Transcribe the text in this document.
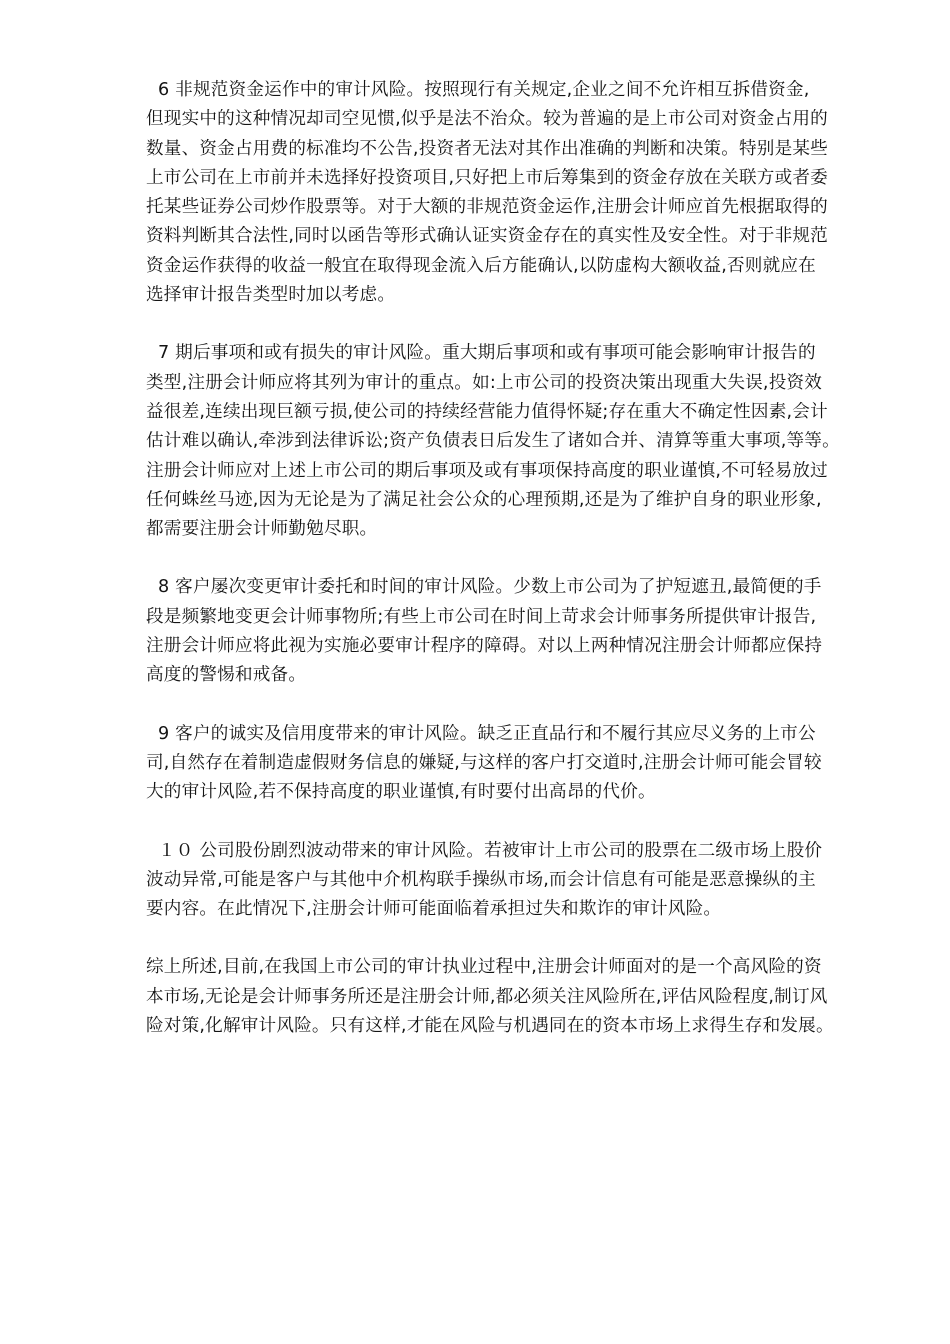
6 非规范资金运作中的审计风险。按照现行有关规定,企业之间不允许相互拆借资金,
但现实中的这种情况却司空见惯,似乎是法不治众。较为普遍的是上市公司对资金占用的
数量、资金占用费的标准均不公告,投资者无法对其作出准确的判断和决策。特别是某些
上市公司在上市前并未选择好投资项目,只好把上市后筹集到的资金存放在关联方或者委
托某些证券公司炒作股票等。对于大额的非规范资金运作,注册会计师应首先根据取得的
资料判断其合法性,同时以函告等形式确认证实资金存在的真实性及安全性。对于非规范
资金运作获得的收益一般宜在取得现金流入后方能确认,以防虚构大额收益,否则就应在
选择审计报告类型时加以考虑。

7 期后事项和或有损失的审计风险。重大期后事项和或有事项可能会影响审计报告的
类型,注册会计师应将其列为审计的重点。如:上市公司的投资决策出现重大失误,投资效
益很差,连续出现巨额亏损,使公司的持续经营能力值得怀疑;存在重大不确定性因素,会计
估计难以确认,牵涉到法律诉讼;资产负债表日后发生了诸如合并、清算等重大事项,等等。
注册会计师应对上述上市公司的期后事项及或有事项保持高度的职业谨慎,不可轻易放过
任何蛛丝马迹,因为无论是为了满足社会公众的心理预期,还是为了维护自身的职业形象,
都需要注册会计师勤勉尽职。

8 客户屡次变更审计委托和时间的审计风险。少数上市公司为了护短遮丑,最简便的手
段是频繁地变更会计师事物所;有些上市公司在时间上苛求会计师事务所提供审计报告,
注册会计师应将此视为实施必要审计程序的障碍。对以上两种情况注册会计师都应保持
高度的警惕和戒备。

9 客户的诚实及信用度带来的审计风险。缺乏正直品行和不履行其应尽义务的上市公
司,自然存在着制造虚假财务信息的嫌疑,与这样的客户打交道时,注册会计师可能会冒较
大的审计风险,若不保持高度的职业谨慎,有时要付出高昂的代价。

１０ 公司股份剧烈波动带来的审计风险。若被审计上市公司的股票在二级市场上股价
波动异常,可能是客户与其他中介机构联手操纵市场,而会计信息有可能是恶意操纵的主
要内容。在此情况下,注册会计师可能面临着承担过失和欺诈的审计风险。

综上所述,目前,在我国上市公司的审计执业过程中,注册会计师面对的是一个高风险的资
本市场,无论是会计师事务所还是注册会计师,都必须关注风险所在,评估风险程度,制订风
险对策,化解审计风险。只有这样,才能在风险与机遇同在的资本市场上求得生存和发展。
